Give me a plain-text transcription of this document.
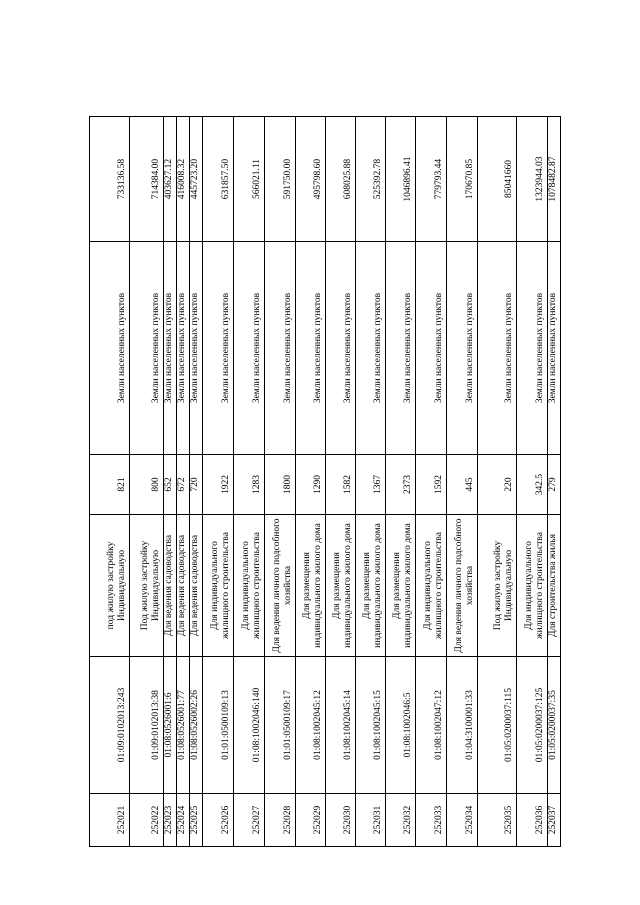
252021	01:09:0102013:243	под жилую застройку Индивидуальную	821	Земли населенных пунктов	733136.58
252022	01:09:0102013:38	Под жилую застройку Индивидуальную	800	Земли населенных пунктов	714384.00
252023	01:08:0526001:6	Для ведения садоводства	652	Земли населенных пунктов	403627.12
252024	01:08:0526001:77	Для ведения садоводства	672	Земли населенных пунктов	416008.32
252025	01:08:0526002:26	Для ведения садоводства	720	Земли населенных пунктов	445723.20
252026	01:01:0500109:13	Для индивидуального жилищного строительства	1922	Земли населенных пунктов	631857.50
252027	01:08:1002046:140	Для индивидуального жилищного строительства	1283	Земли населенных пунктов	566021.11
252028	01:01:0500109:17	Для ведения личного подсобного хозяйства	1800	Земли населенных пунктов	591750.00
252029	01:08:1002045:12	Для размещения индивидуального жилого дома	1290	Земли населенных пунктов	495798.60
252030	01:08:1002045:14	Для размещения индивидуального жилого дома	1582	Земли населенных пунктов	608025.88
252031	01:08:1002045:15	Для размещения индивидуального жилого дома	1367	Земли населенных пунктов	525392.78
252032	01:08:1002046:5	Для размещения индивидуального жилого дома	2373	Земли населенных пунктов	1046896.41
252033	01:08:1002047:12	Для индивидуального жилищного строительства	1592	Земли населенных пунктов	779793.44
252034	01:04:3100001:33	Для ведения личного подсобного хозяйства	445	Земли населенных пунктов	170670.85
252035	01:05:0200037:115	Под жилую застройку Индивидуальную	220	Земли населенных пунктов	85041660
252036	01:05:0200037:125	Для индивидуального жилищного строительства	342.5	Земли населенных пунктов	1323944.03
252037	01:05:0200037:35	Для строительства жилья	279	Земли населенных пунктов	1078482.87
